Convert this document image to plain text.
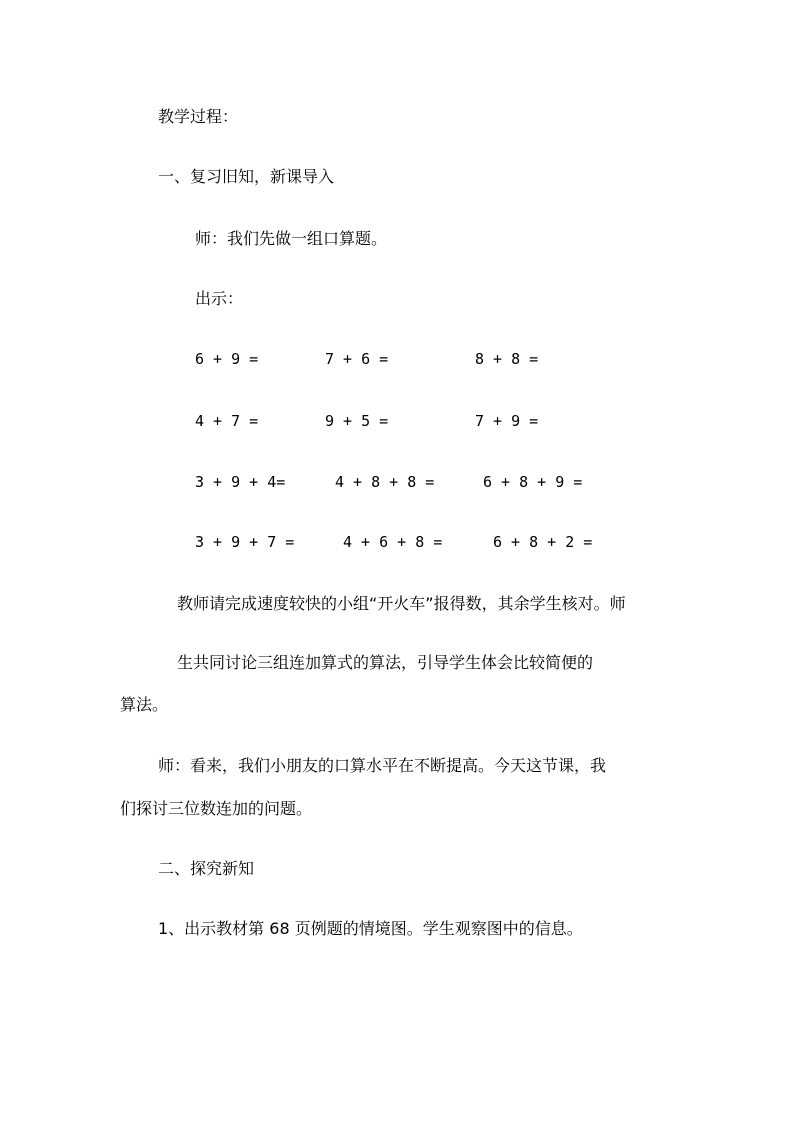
教学过程：

一、复习旧知，新课导入

师：我们先做一组口算题。

出示：

6 + 9 =	7 + 6 =	8 + 8 =

4 + 7 =	9 + 5 =	7 + 9 =

3 + 9 + 4=	4 + 8 + 8 =	6 + 8 + 9 =

3 + 9 + 7 =	4 + 6 + 8 =	6 + 8 + 2 =

教师请完成速度较快的小组“开火车”报得数，其余学生核对。师

生共同讨论三组连加算式的算法，引导学生体会比较简便的

算法。

师：看来，我们小朋友的口算水平在不断提高。今天这节课，我

们探讨三位数连加的问题。

二、探究新知

1、出示教材第 68 页例题的情境图。学生观察图中的信息。
